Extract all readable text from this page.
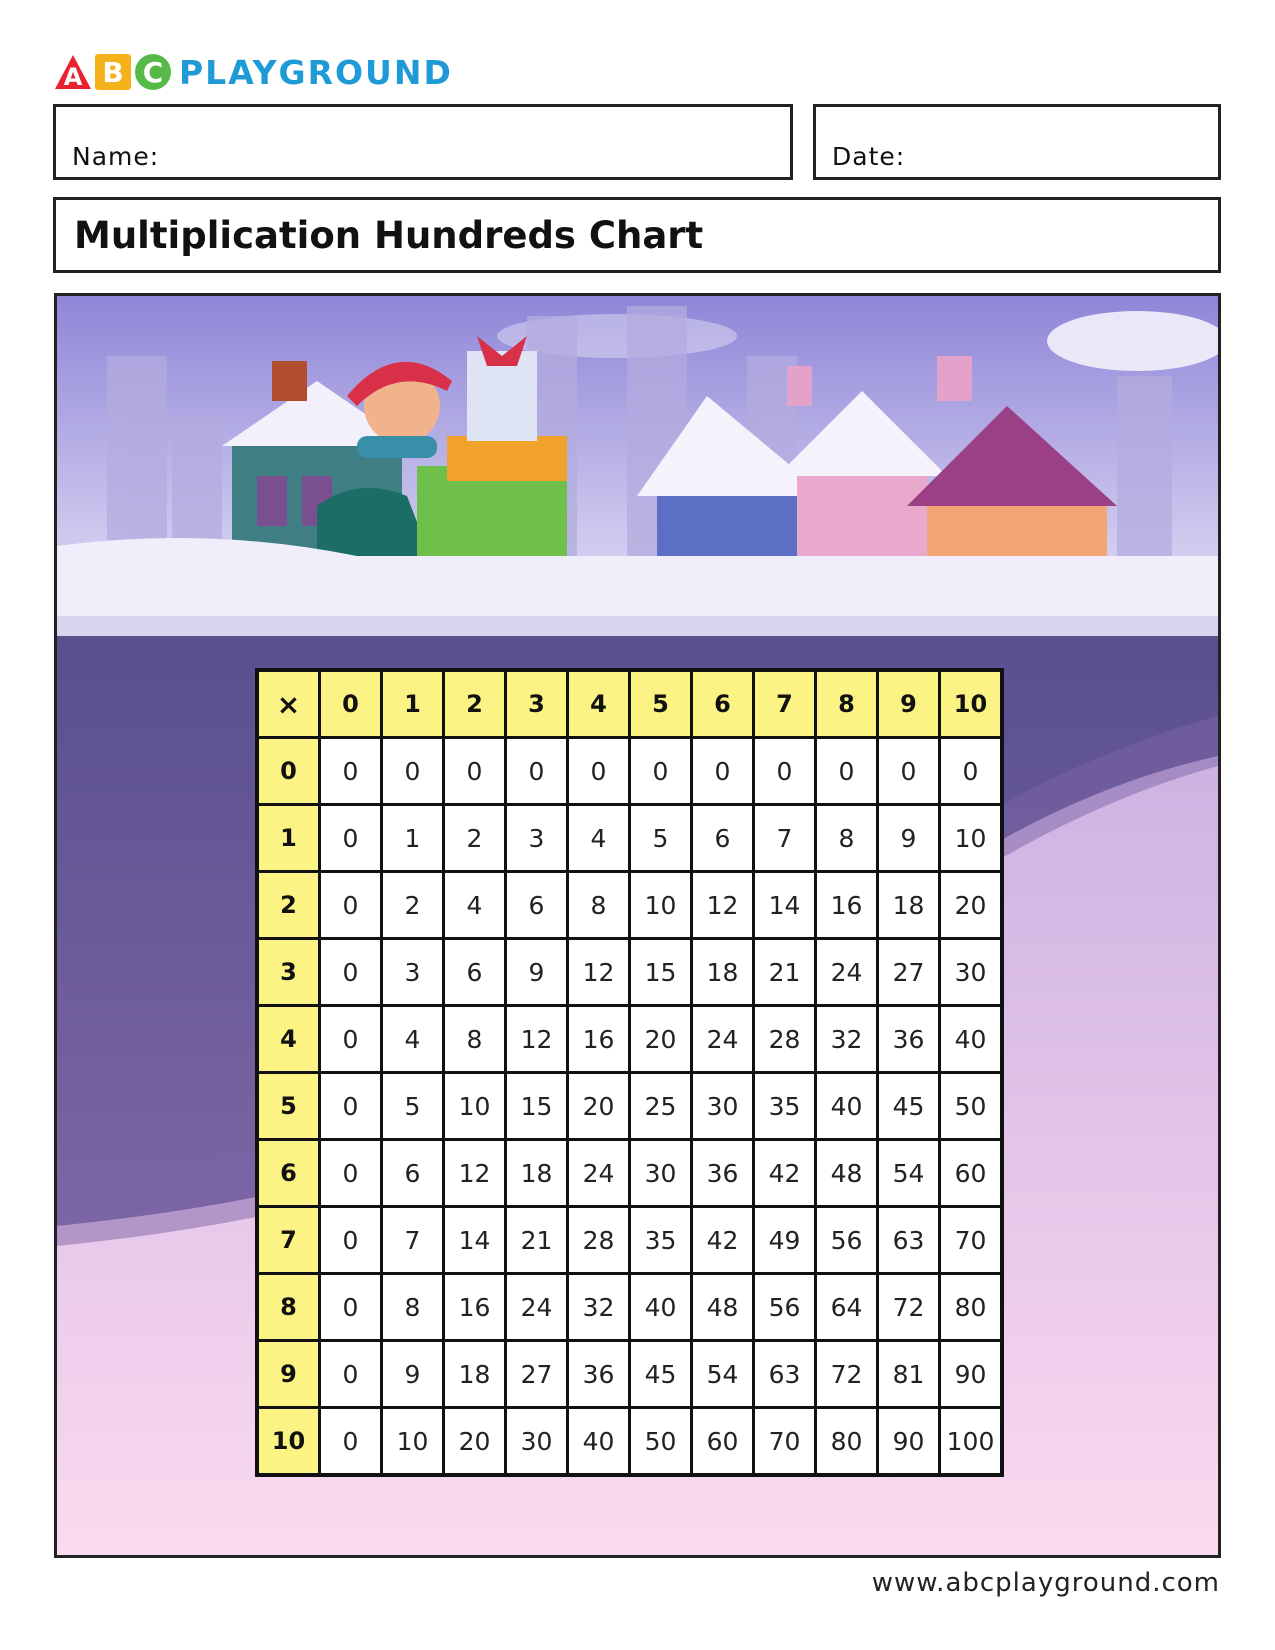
A B C PLAYGROUND
Name:	Date:
Multiplication Hundreds Chart
×	0	1	2	3	4	5	6	7	8	9	10
0	0	0	0	0	0	0	0	0	0	0	0
1	0	1	2	3	4	5	6	7	8	9	10
2	0	2	4	6	8	10	12	14	16	18	20
3	0	3	6	9	12	15	18	21	24	27	30
4	0	4	8	12	16	20	24	28	32	36	40
5	0	5	10	15	20	25	30	35	40	45	50
6	0	6	12	18	24	30	36	42	48	54	60
7	0	7	14	21	28	35	42	49	56	63	70
8	0	8	16	24	32	40	48	56	64	72	80
9	0	9	18	27	36	45	54	63	72	81	90
10	0	10	20	30	40	50	60	70	80	90	100
www.abcplayground.com
